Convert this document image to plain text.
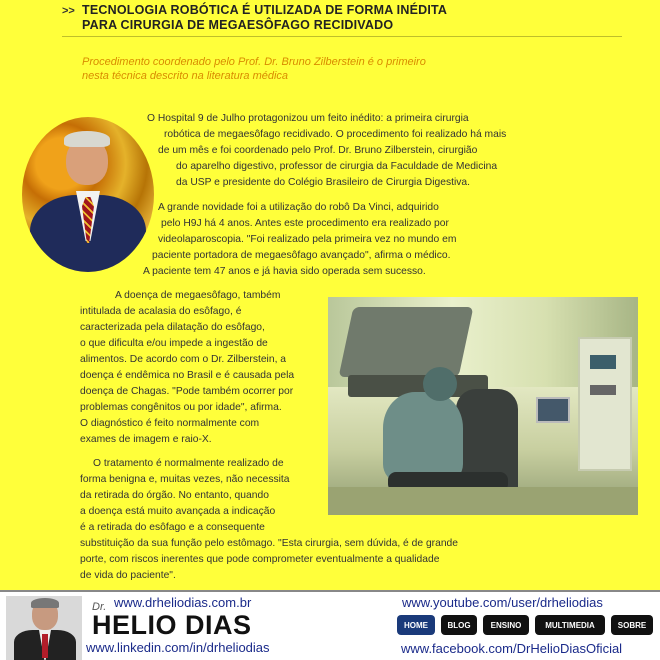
>> TECNOLOGIA ROBÓTICA É UTILIZADA DE FORMA INÉDITA
PARA CIRURGIA DE MEGAESÔFAGO RECIDIVADO
Procedimento coordenado pelo Prof. Dr. Bruno Zilberstein é o primeiro
nesta técnica descrito na literatura médica
O Hospital 9 de Julho protagonizou um feito inédito: a primeira cirurgia
robótica de megaesôfago recidivado. O procedimento foi realizado há mais
de um mês e foi coordenado pelo Prof. Dr. Bruno Zilberstein, cirurgião
do aparelho digestivo, professor de cirurgia da Faculdade de Medicina
da USP e presidente do Colégio Brasileiro de Cirurgia Digestiva.
A grande novidade foi a utilização do robô Da Vinci, adquirido
pelo H9J há 4 anos. Antes este procedimento era realizado por
videolaparoscopia. "Foi realizado pela primeira vez no mundo em
paciente portadora de megaesôfago avançado", afirma o médico.
A paciente tem 47 anos e já havia sido operada sem sucesso.
A doença de megaesôfago, também
intitulada de acalasia do esôfago, é
caracterizada pela dilatação do esôfago,
o que dificulta e/ou impede a ingestão de
alimentos. De acordo com o Dr. Zilberstein, a
doença é endêmica no Brasil e é causada pela
doença de Chagas. "Pode também ocorrer por
problemas congênitos ou por idade", afirma.
O diagnóstico é feito normalmente com
exames de imagem e raio-X.
O tratamento é normalmente realizado de
forma benigna e, muitas vezes, não necessita
da retirada do órgão. No entanto, quando
a doença está muito avançada a indicação
é a retirada do esôfago e a consequente
substituição da sua função pelo estômago. "Esta cirurgia, sem dúvida, é de grande
porte, com riscos inerentes que pode comprometer eventualmente a qualidade
de vida do paciente".
www.drheliodias.com.br
Dr.
HELIO DIAS
www.linkedin.com/in/drheliodias
www.youtube.com/user/drheliodias
www.facebook.com/DrHelioDiasOficial
HOME	BLOG	ENSINO	MULTIMEDIA	SOBRE
